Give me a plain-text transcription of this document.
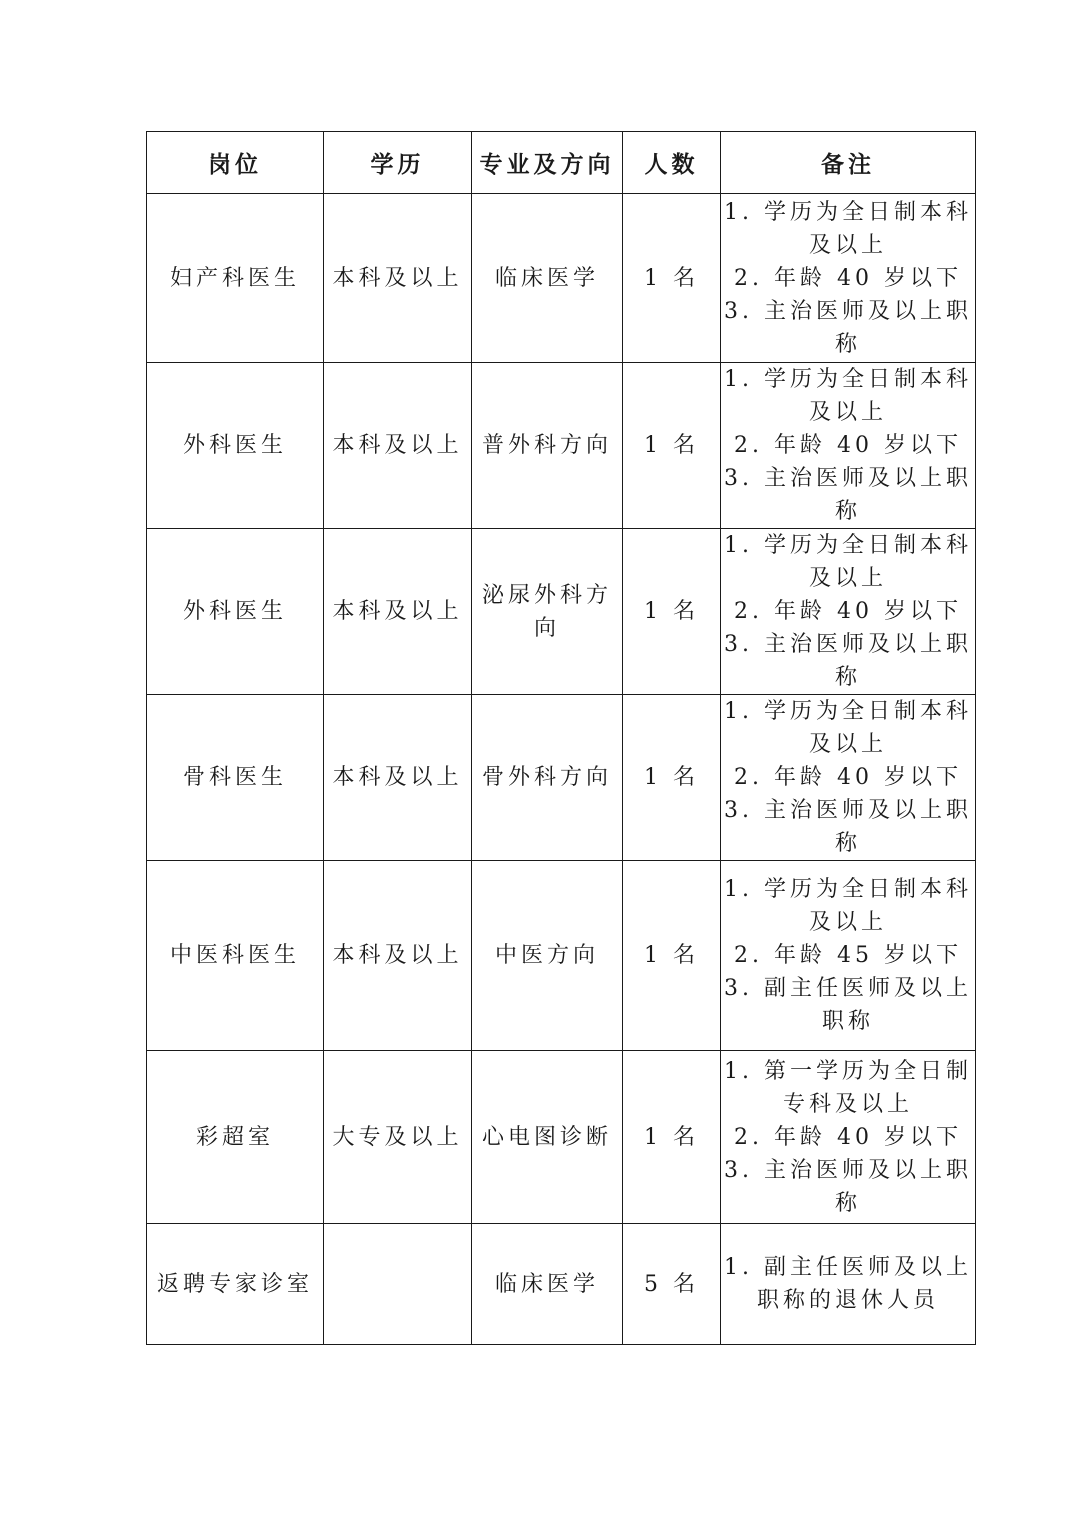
岗位	学历	专业及方向	人数	备注
妇产科医生	本科及以上	临床医学	1 名	1. 学历为全日制本科及以上
2. 年龄 40 岁以下
3. 主治医师及以上职称

外科医生	本科及以上	普外科方向	1 名	1. 学历为全日制本科及以上
2. 年龄 40 岁以下
3. 主治医师及以上职称

外科医生	本科及以上	泌尿外科方向	1 名	1. 学历为全日制本科及以上
2. 年龄 40 岁以下
3. 主治医师及以上职称

骨科医生	本科及以上	骨外科方向	1 名	1. 学历为全日制本科及以上
2. 年龄 40 岁以下
3. 主治医师及以上职称

中医科医生	本科及以上	中医方向	1 名	1. 学历为全日制本科及以上
2. 年龄 45 岁以下
3. 副主任医师及以上职称

彩超室	大专及以上	心电图诊断	1 名	1. 第一学历为全日制专科及以上
2. 年龄 40 岁以下
3. 主治医师及以上职称

返聘专家诊室		临床医学	5 名	1. 副主任医师及以上职称的退休人员
